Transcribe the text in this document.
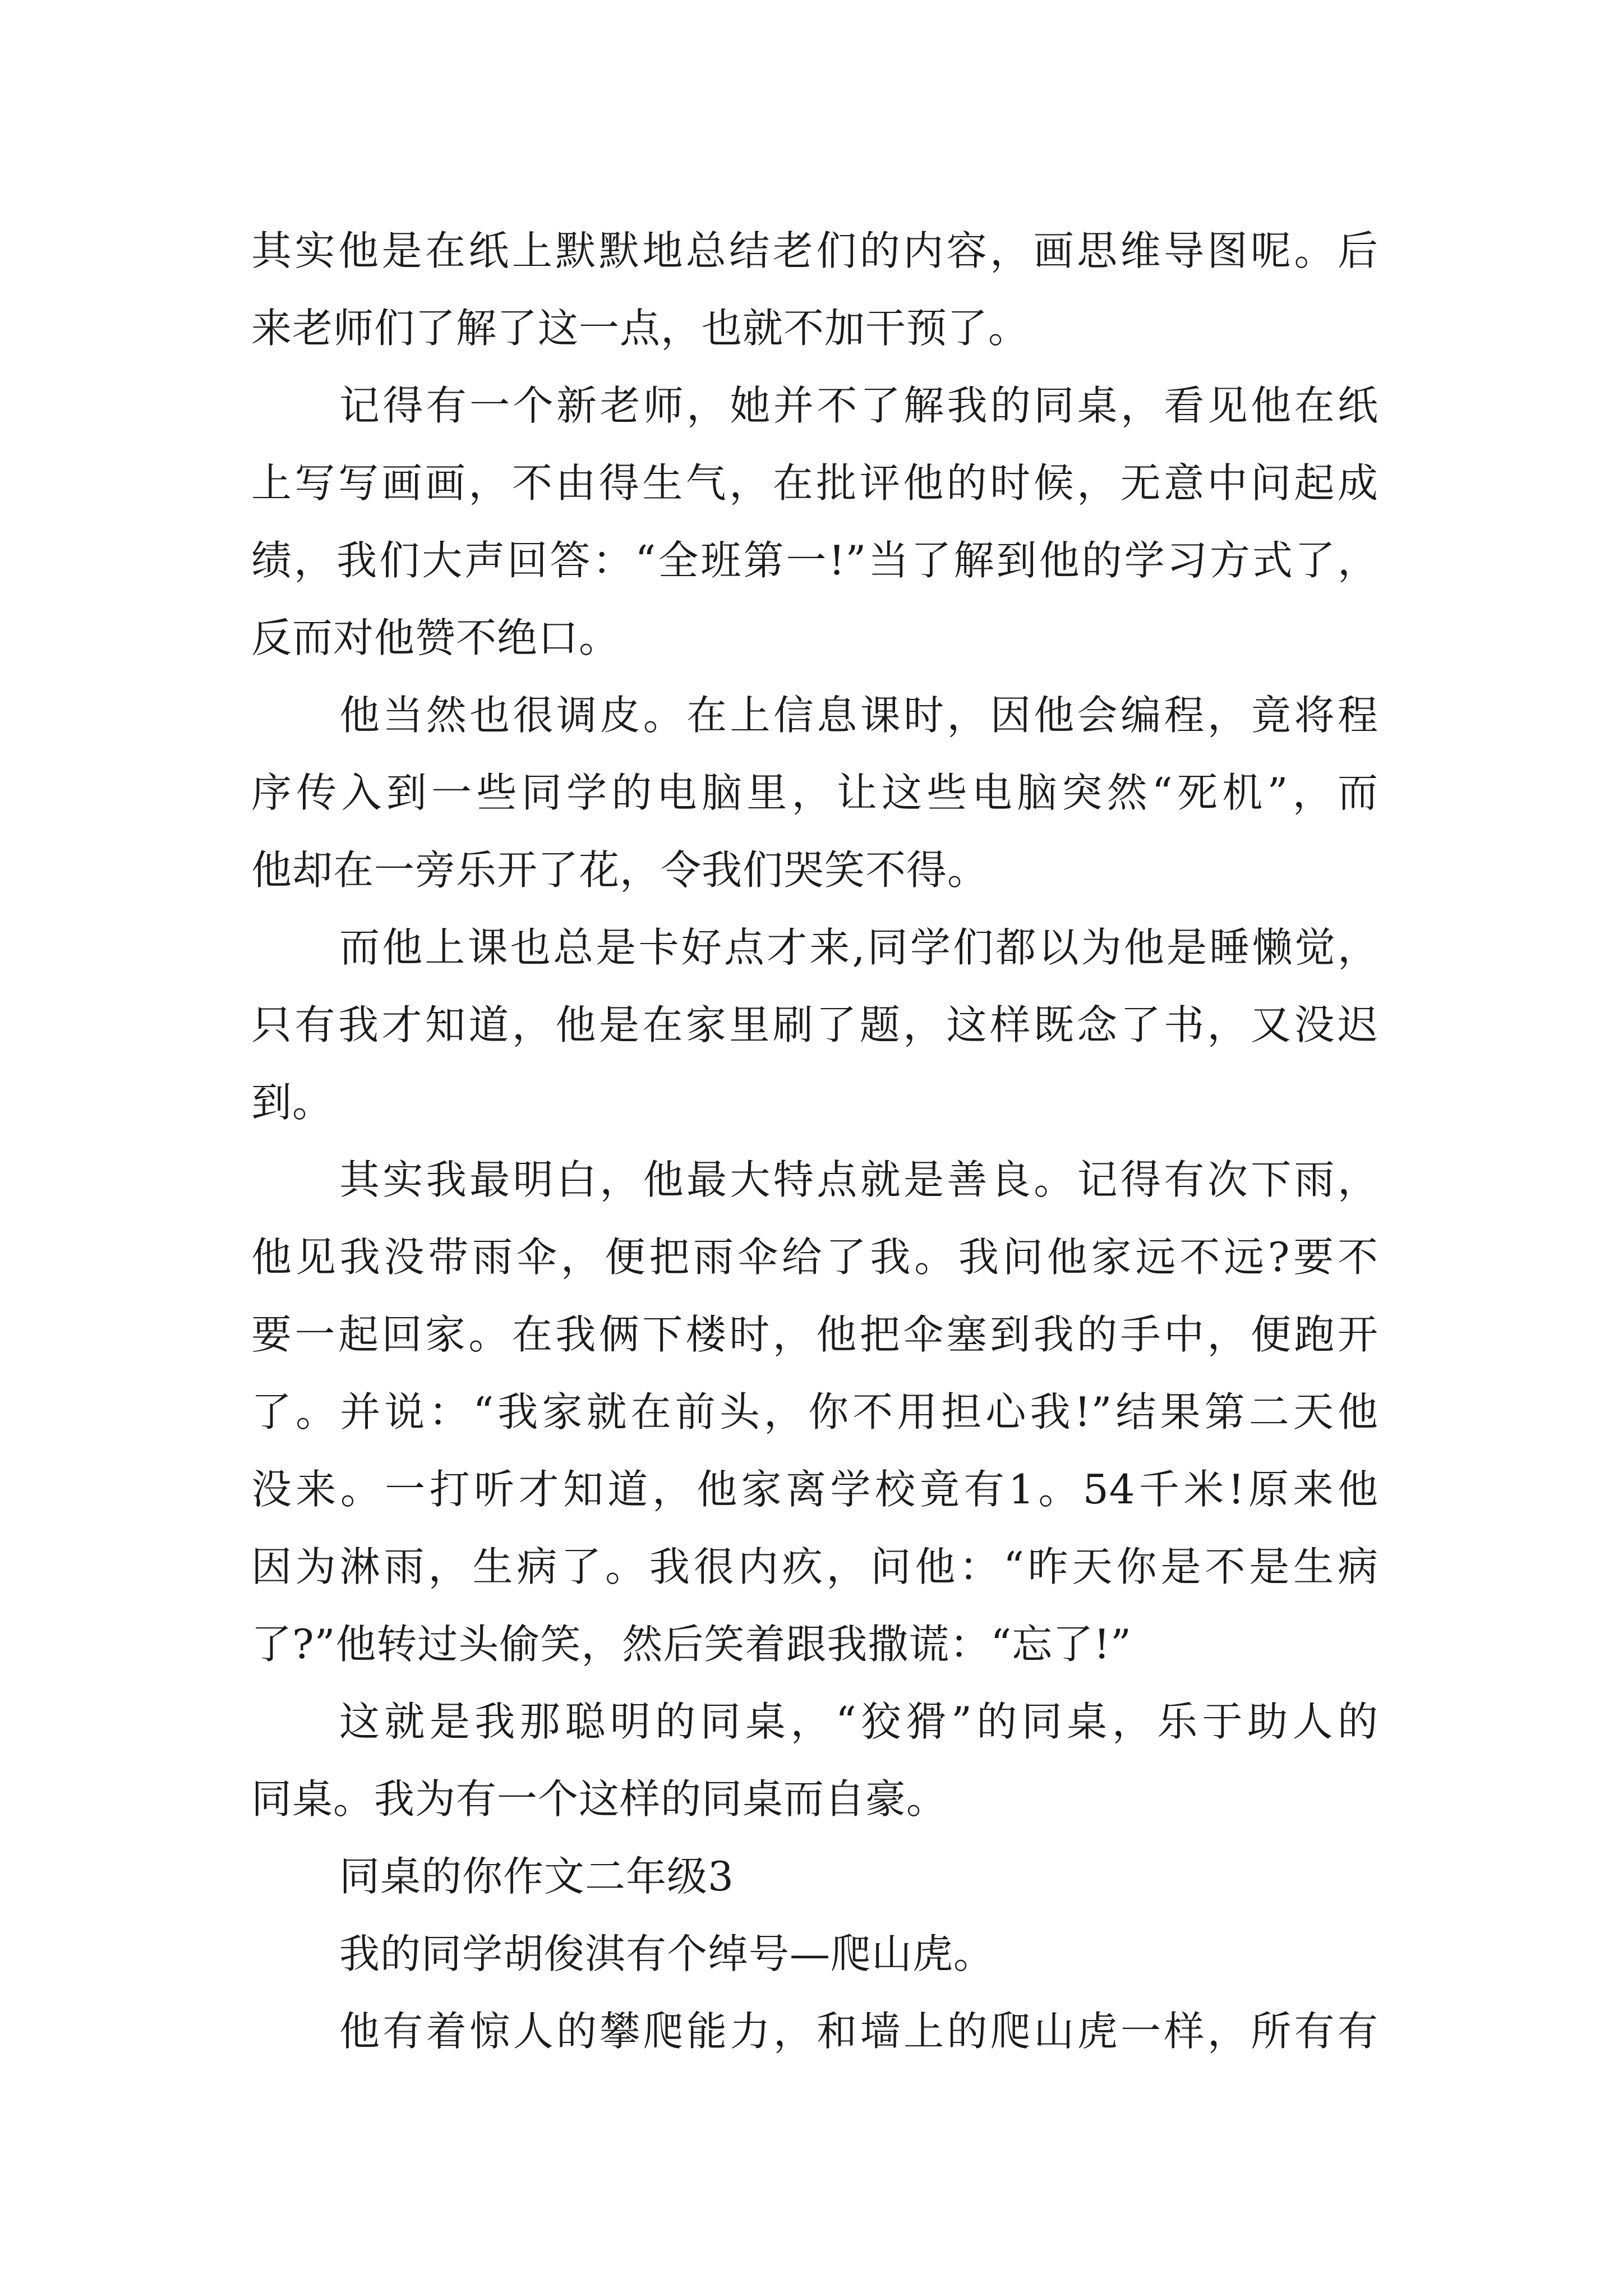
其实他是在纸上默默地总结老们的内容，画思维导图呢。后
来老师们了解了这一点，也就不加干预了。
记得有一个新老师，她并不了解我的同桌，看见他在纸
上写写画画，不由得生气，在批评他的时候，无意中问起成
绩，我们大声回答：“全班第一!”当了解到他的学习方式了，
反而对他赞不绝口。
他当然也很调皮。在上信息课时，因他会编程，竟将程
序传入到一些同学的电脑里，让这些电脑突然“死机”，而
他却在一旁乐开了花，令我们哭笑不得。
而他上课也总是卡好点才来,同学们都以为他是睡懒觉，
只有我才知道，他是在家里刷了题，这样既念了书，又没迟
到。
其实我最明白，他最大特点就是善良。记得有次下雨，
他见我没带雨伞，便把雨伞给了我。我问他家远不远?要不
要一起回家。在我俩下楼时，他把伞塞到我的手中，便跑开
了。并说：“我家就在前头，你不用担心我!”结果第二天他
没来。一打听才知道，他家离学校竟有1。54千米!原来他
因为淋雨，生病了。我很内疚，问他：“昨天你是不是生病
了?”他转过头偷笑，然后笑着跟我撒谎：“忘了!”
这就是我那聪明的同桌，“狡猾”的同桌，乐于助人的
同桌。我为有一个这样的同桌而自豪。
同桌的你作文二年级3
我的同学胡俊淇有个绰号—爬山虎。
他有着惊人的攀爬能力，和墙上的爬山虎一样，所有有
